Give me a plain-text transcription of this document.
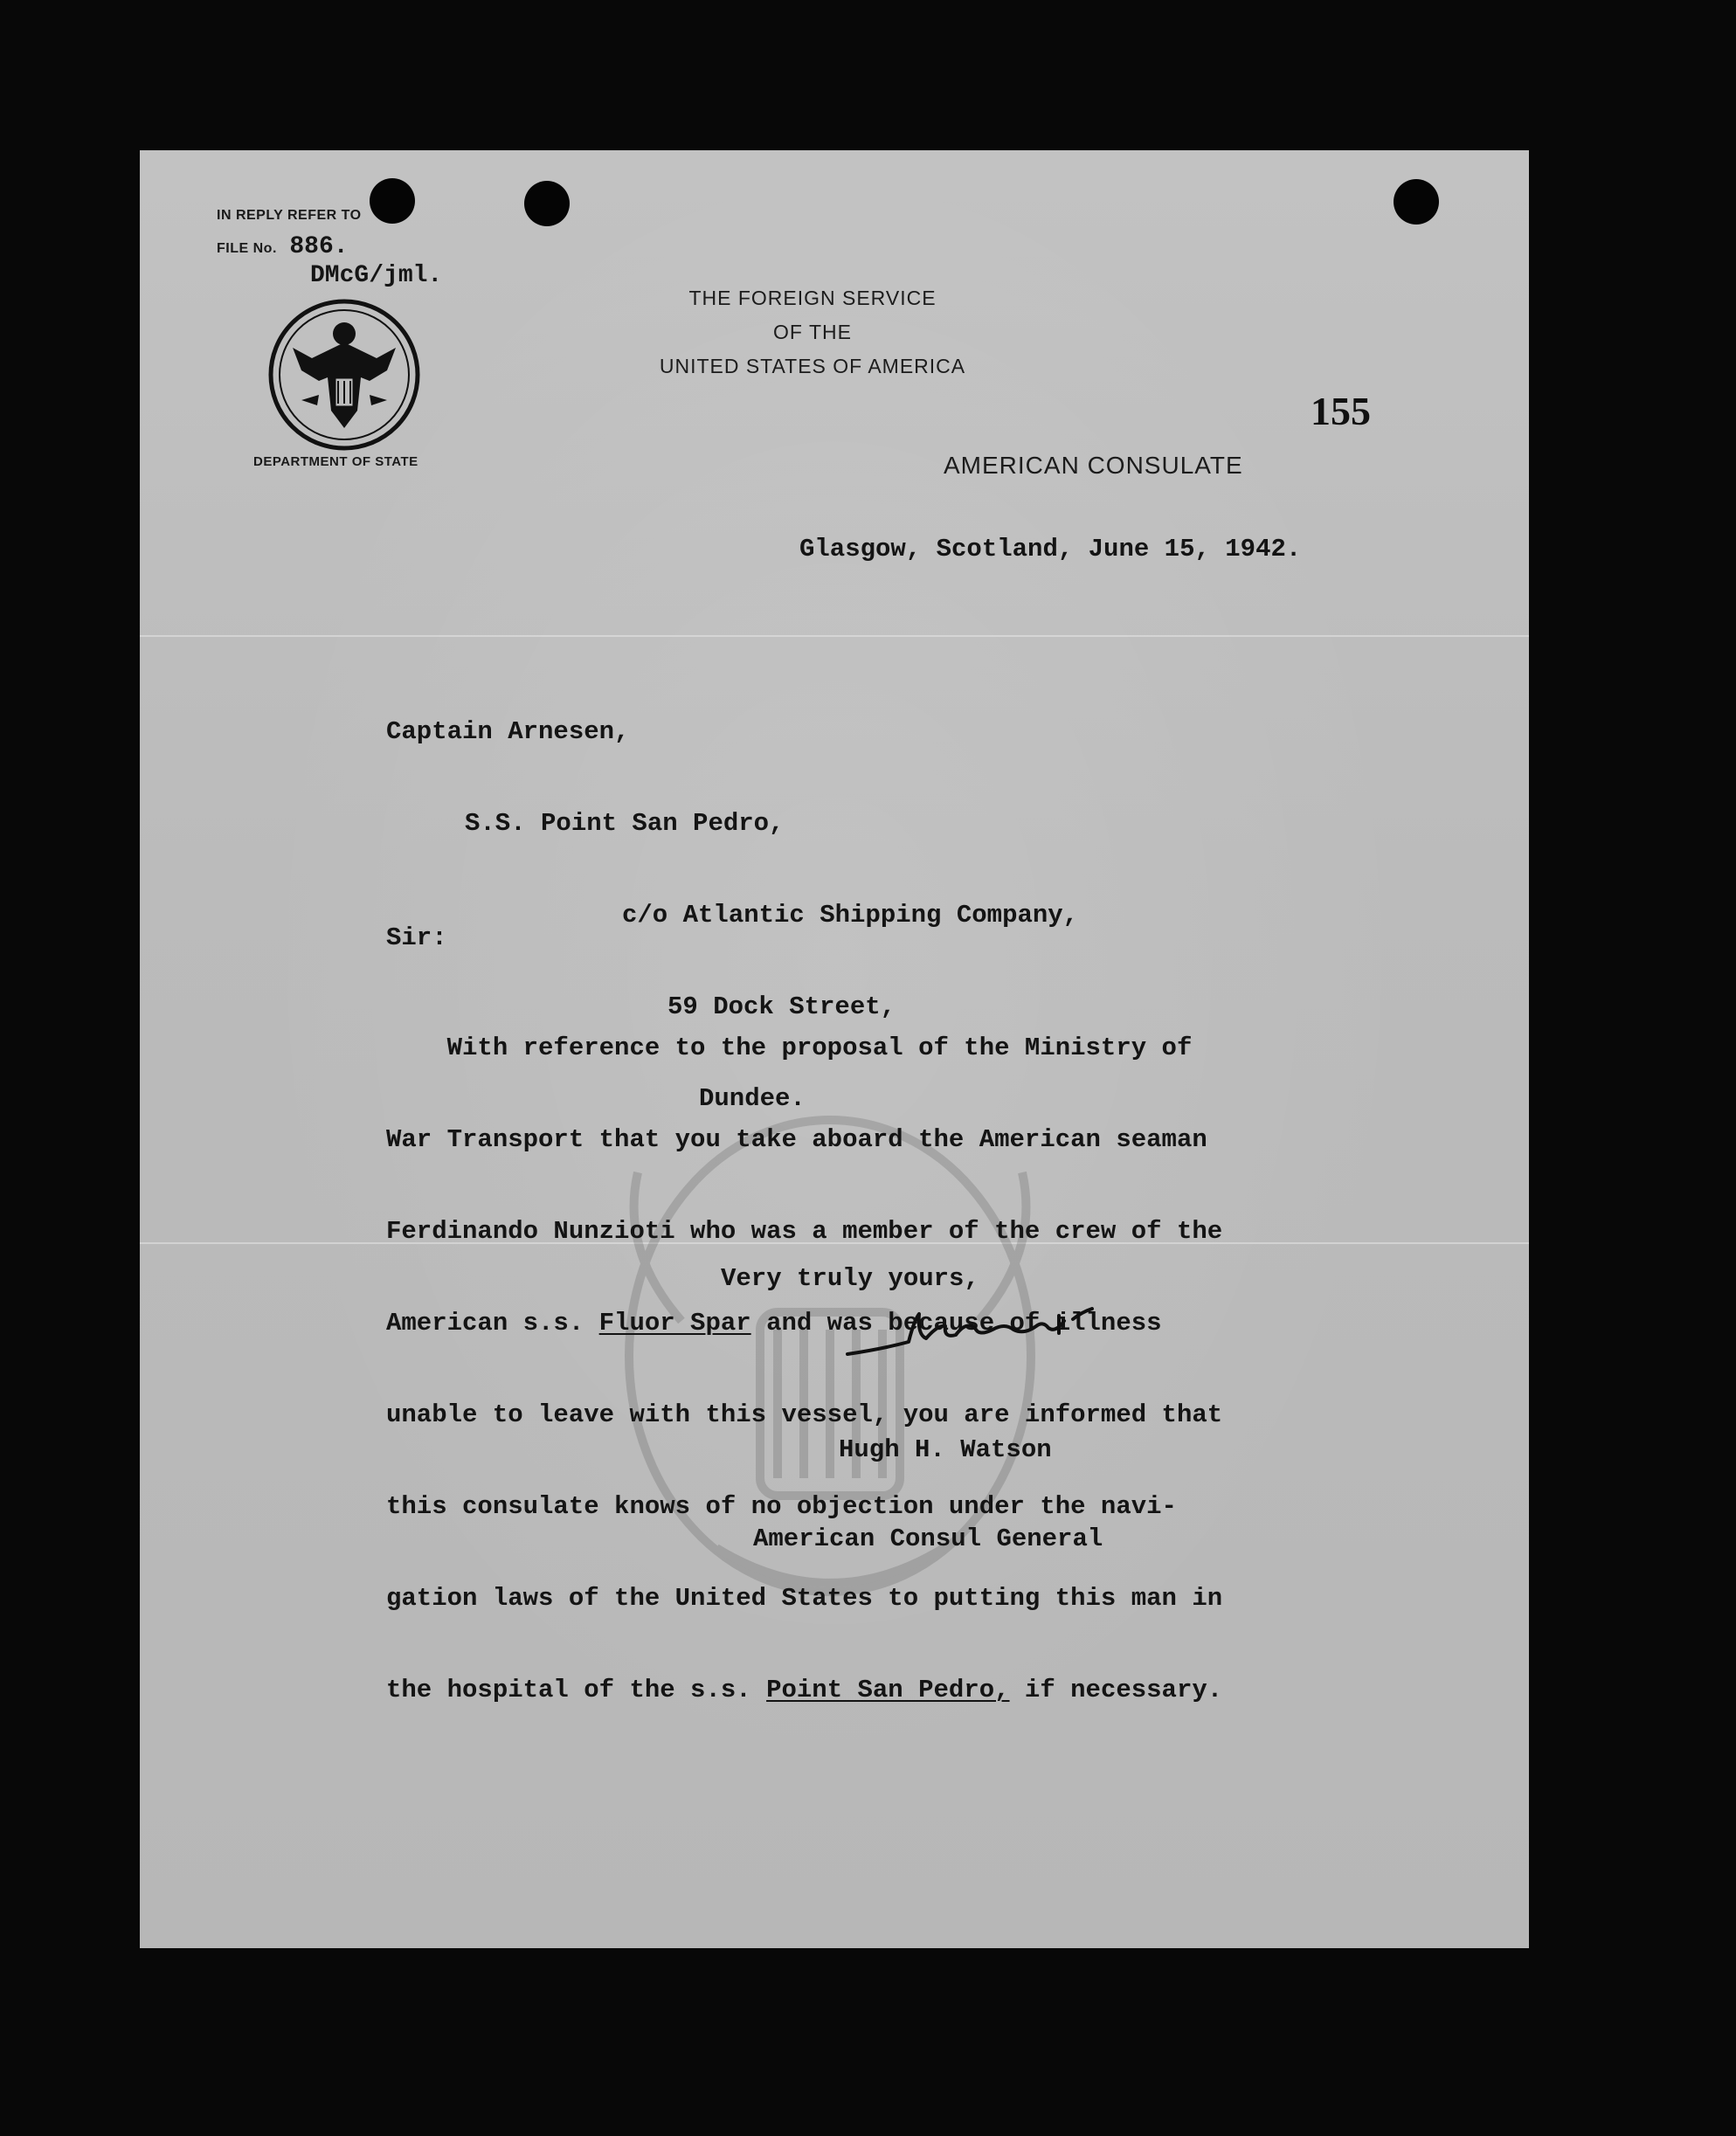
IN REPLY REFER TO
FILE No. 886.
DMcG/jml.
DEPARTMENT OF STATE
THE FOREIGN SERVICE
OF THE
UNITED STATES OF AMERICA
AMERICAN CONSULATE
155
Glasgow, Scotland, June 15, 1942.

Captain Arnesen,

S.S. Point San Pedro,

c/o Atlantic Shipping Company,

59 Dock Street,

Dundee.

Sir:

With reference to the proposal of the Ministry of

War Transport that you take aboard the American seaman

Ferdinando Nunzioti who was a member of the crew of the

American s.s. Fluor Spar and was because of illness

unable to leave with this vessel, you are informed that

this consulate knows of no objection under the navi-

gation laws of the United States to putting this man in

the hospital of the s.s. Point San Pedro, if necessary.

Very truly yours,

Hugh H. Watson

American Consul General
